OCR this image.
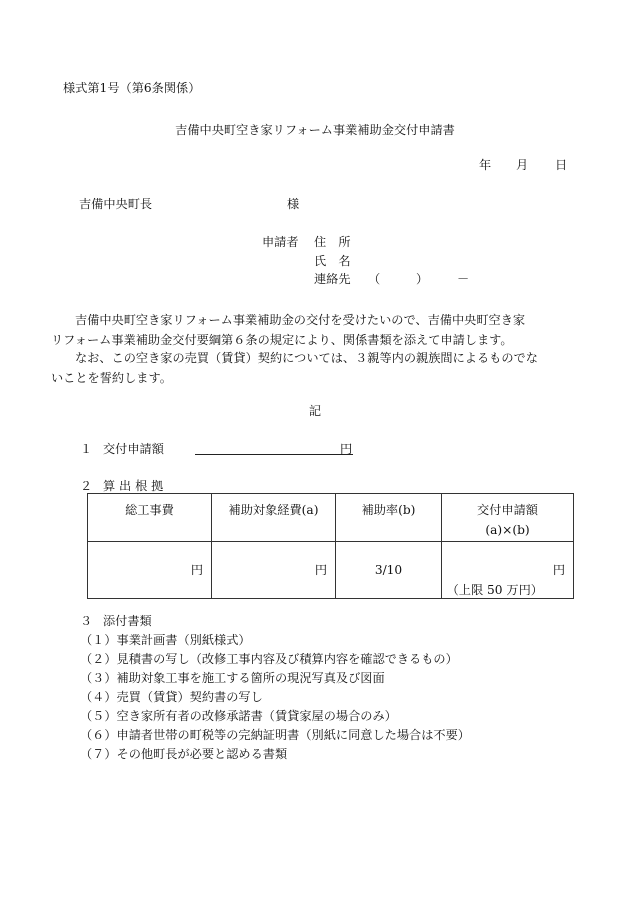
様式第1号（第6条関係）
吉備中央町空き家リフォーム事業補助金交付申請書
年 月 日
吉備中央町長	様
申請者 住　所
氏　名
連絡先 （	） －
吉備中央町空き家リフォーム事業補助金の交付を受けたいので、吉備中央町空き家
リフォーム事業補助金交付要綱第６条の規定により、関係書類を添えて申請します。
なお、この空き家の売買（賃貸）契約については、３親等内の親族間によるものでな
いことを誓約します。
記
１ 交付申請額	円
２ 算 出 根 拠
総工事費	補助対象経費(a)	補助率(b)	交付申請額
(a)×(b)

円	円	3/10	円
（上限 50 万円）
３ 添付書類
（１）事業計画書（別紙様式）
（２）見積書の写し（改修工事内容及び積算内容を確認できるもの）
（３）補助対象工事を施工する箇所の現況写真及び図面
（４）売買（賃貸）契約書の写し
（５）空き家所有者の改修承諾書（賃貸家屋の場合のみ）
（６）申請者世帯の町税等の完納証明書（別紙に同意した場合は不要）
（７）その他町長が必要と認める書類
